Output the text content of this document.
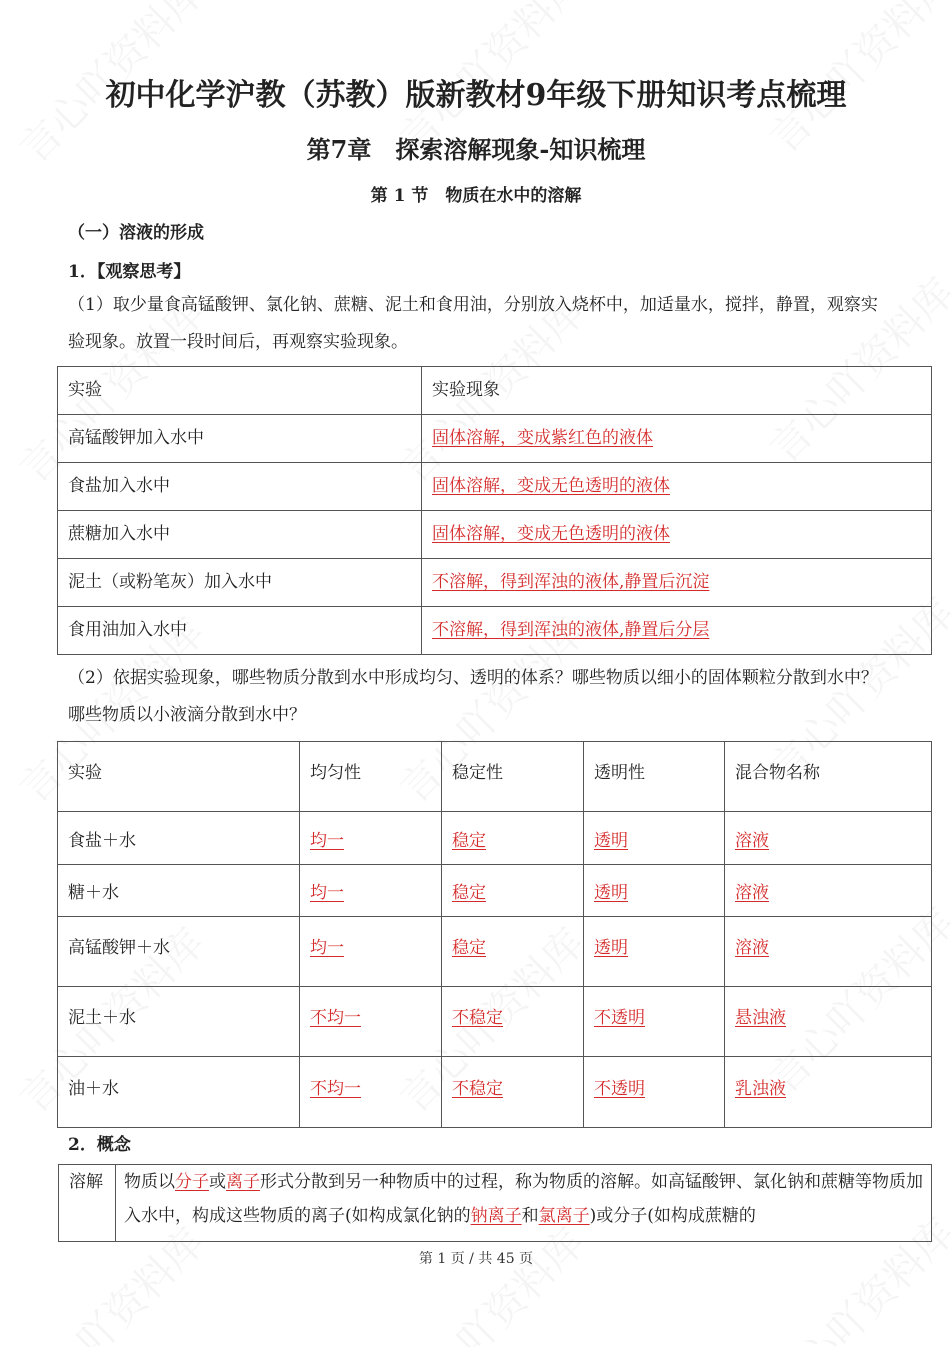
初中化学沪教（苏教）版新教材9年级下册知识考点梳理
第7章　探索溶解现象-知识梳理
第 1 节　物质在水中的溶解
（一）溶液的形成
1．【观察思考】
（1）取少量食高锰酸钾、氯化钠、蔗糖、泥土和食用油，分别放入烧杯中，加适量水，搅拌，静置，观察实验现象。放置一段时间后，再观察实验现象。
实验	实验现象
高锰酸钾加入水中	固体溶解，变成紫红色的液体
食盐加入水中	固体溶解，变成无色透明的液体
蔗糖加入水中	固体溶解，变成无色透明的液体
泥土（或粉笔灰）加入水中	不溶解，得到浑浊的液体,静置后沉淀
食用油加入水中	不溶解，得到浑浊的液体,静置后分层
（2）依据实验现象，哪些物质分散到水中形成均匀、透明的体系？哪些物质以细小的固体颗粒分散到水中？哪些物质以小液滴分散到水中？
实验	均匀性	稳定性	透明性	混合物名称
食盐＋水	均一	稳定	透明	溶液
糖＋水	均一	稳定	透明	溶液
高锰酸钾＋水	均一	稳定	透明	溶液
泥土＋水	不均一	不稳定	不透明	悬浊液
油＋水	不均一	不稳定	不透明	乳浊液
2．概念
溶解	物质以分子或离子形式分散到另一种物质中的过程，称为物质的溶解。如高锰酸钾、氯化钠和蔗糖等物质加入水中，构成这些物质的离子(如构成氯化钠的钠离子和氯离子)或分子(如构成蔗糖的
第 1 页 / 共 45 页
